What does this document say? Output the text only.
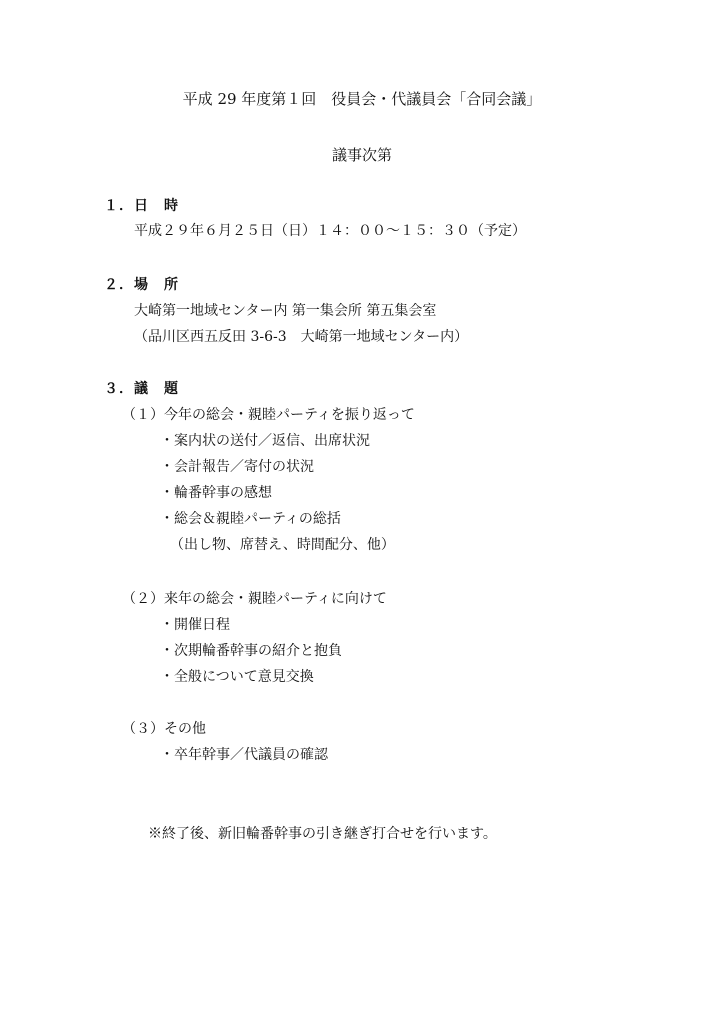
平成 29 年度第１回　役員会・代議員会「合同会議」
議事次第
１．日　時
平成２９年６月２５日（日）１４：００～１５：３０（予定）
２．場　所
大崎第一地域センター内 第一集会所 第五集会室
（品川区西五反田 3-6-3　大崎第一地域センター内）
３．議　題
（１）今年の総会・親睦パーティを振り返って
・案内状の送付／返信、出席状況
・会計報告／寄付の状況
・輪番幹事の感想
・総会＆親睦パーティの総括
（出し物、席替え、時間配分、他）
（２）来年の総会・親睦パーティに向けて
・開催日程
・次期輪番幹事の紹介と抱負
・全般について意見交換
（３）その他
・卒年幹事／代議員の確認
※終了後、新旧輪番幹事の引き継ぎ打合せを行います。
